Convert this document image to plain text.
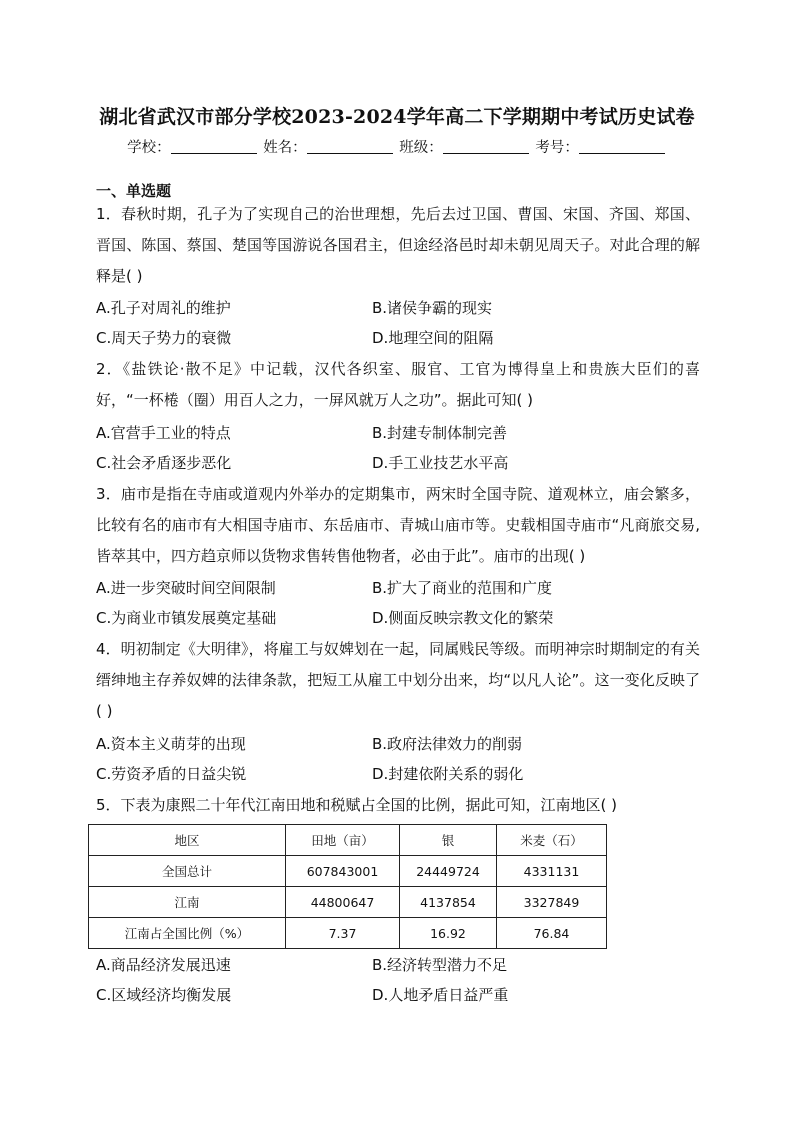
湖北省武汉市部分学校2023-2024学年高二下学期期中考试历史试卷
学校：	姓名：	班级：	考号：
一、单选题
1．春秋时期，孔子为了实现自己的治世理想，先后去过卫国、曹国、宋国、齐国、郑国、晋国、陈国、蔡国、楚国等国游说各国君主，但途经洛邑时却未朝见周天子。对此合理的解释是( )
A.孔子对周礼的维护	B.诸侯争霸的现实
C.周天子势力的衰微	D.地理空间的阻隔
2．《盐铁论·散不足》中记载，汉代各织室、服官、工官为博得皇上和贵族大臣们的喜好，“一杯棬（圈）用百人之力，一屏风就万人之功”。据此可知( )
A.官营手工业的特点	B.封建专制体制完善
C.社会矛盾逐步恶化	D.手工业技艺水平高
3．庙市是指在寺庙或道观内外举办的定期集市，两宋时全国寺院、道观林立，庙会繁多，比较有名的庙市有大相国寺庙市、东岳庙市、青城山庙市等。史载相国寺庙市“凡商旅交易,皆萃其中，四方趋京师以货物求售转售他物者，必由于此”。庙市的出现( )
A.进一步突破时间空间限制	B.扩大了商业的范围和广度
C.为商业市镇发展奠定基础	D.侧面反映宗教文化的繁荣
4．明初制定《大明律》，将雇工与奴婢划在一起，同属贱民等级。而明神宗时期制定的有关缙绅地主存养奴婢的法律条款，把短工从雇工中划分出来，均“以凡人论”。这一变化反映了( )
A.资本主义萌芽的出现	B.政府法律效力的削弱
C.劳资矛盾的日益尖锐	D.封建依附关系的弱化
5．下表为康熙二十年代江南田地和税赋占全国的比例，据此可知，江南地区( )
地区	田地（亩）	银	米麦（石）
全国总计	607843001	24449724	4331131
江南	44800647	4137854	3327849
江南占全国比例（%）	7.37	16.92	76.84
A.商品经济发展迅速	B.经济转型潜力不足
C.区域经济均衡发展	D.人地矛盾日益严重
